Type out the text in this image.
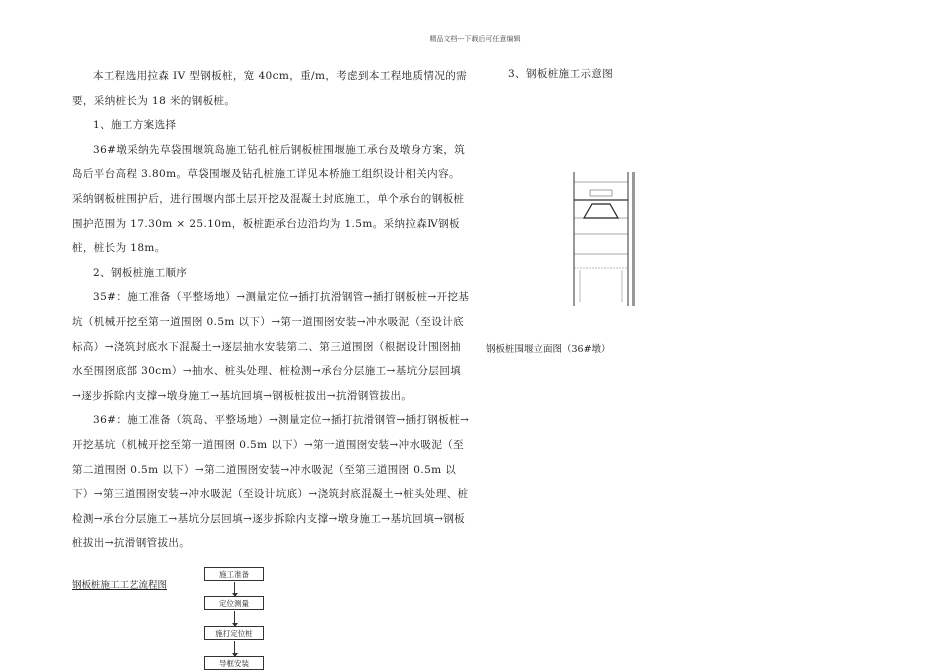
精品文档---下载后可任意编辑

本工程选用拉森 IV 型钢板桩，宽 40cm，重/m，考虑到本工程地质情况的需要，采纳桩长为 18 米的钢板桩。

1、施工方案选择

36#墩采纳先草袋围堰筑岛施工钻孔桩后钢板桩围堰施工承台及墩身方案，筑岛后平台高程 3.80m。草袋围堰及钻孔桩施工详见本桥施工组织设计相关内容。采纳钢板桩围护后，进行围堰内部土层开挖及混凝土封底施工，单个承台的钢板桩围护范围为 17.30m × 25.10m，板桩距承台边沿均为 1.5m。采纳拉森Ⅳ钢板桩，桩长为 18m。

2、钢板桩施工顺序

35#：施工准备（平整场地）→测量定位→插打抗滑钢管→插打钢板桩→开挖基坑（机械开挖至第一道围囹 0.5m 以下）→第一道围囹安装→冲水吸泥（至设计底标高）→浇筑封底水下混凝土→逐层抽水安装第二、第三道围囹（根据设计围囹抽水至围囹底部 30cm）→抽水、桩头处理、桩检测→承台分层施工→基坑分层回填→逐步拆除内支撑→墩身施工→基坑回填→钢板桩拔出→抗滑钢管拔出。

36#：施工准备（筑岛、平整场地）→测量定位→插打抗滑钢管→插打钢板桩→开挖基坑（机械开挖至第一道围囹 0.5m 以下）→第一道围囹安装→冲水吸泥（至第二道围囹 0.5m 以下）→第二道围囹安装→冲水吸泥（至第三道围囹 0.5m 以下）→第三道围囹安装→冲水吸泥（至设计坑底）→浇筑封底混凝土→桩头处理、桩检测→承台分层施工→基坑分层回填→逐步拆除内支撑→墩身施工→基坑回填→钢板桩拔出→抗滑钢管拔出。

3、钢板桩施工示意图
钢板桩围堰立面图（36#墩）
钢板桩施工工艺流程图
施工准备
定位测量
施打定位桩
导框安装
